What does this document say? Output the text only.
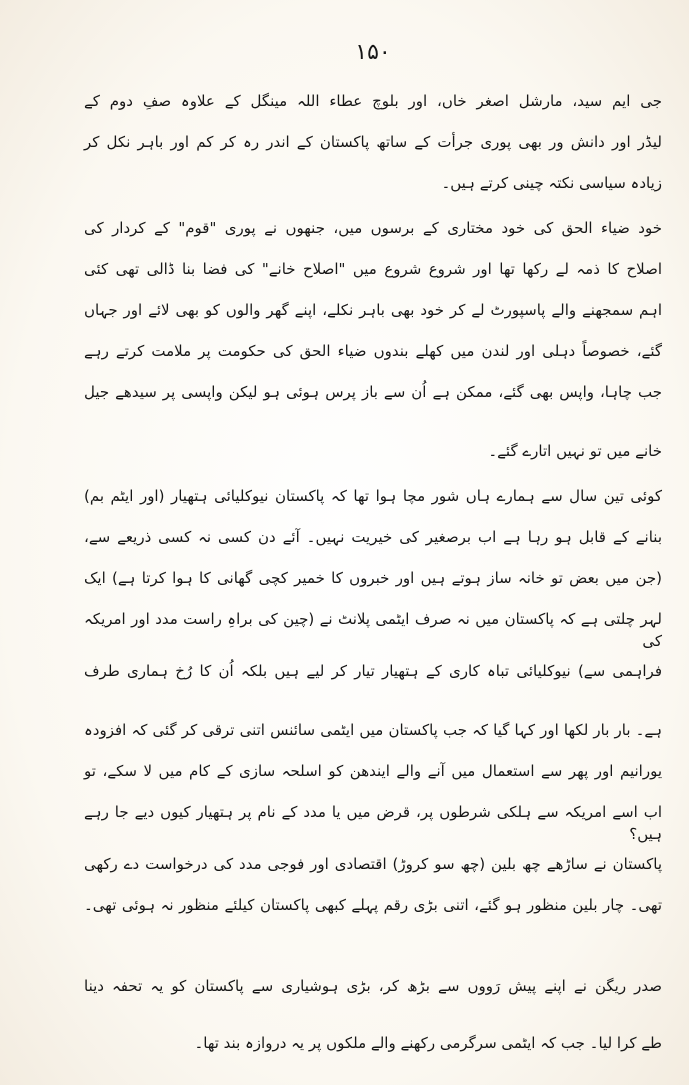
۱۵۰
جی ایم سید، مارشل اصغر خاں، اور بلوچ عطاء اللہ مینگل کے علاوہ صفِ دوم کے
لیڈر اور دانش ور بھی پوری جرأت کے ساتھ پاکستان کے اندر رہ کر کم اور باہر نکل کر
زیادہ سیاسی نکتہ چینی کرتے ہیں۔
خود ضیاء الحق کی خود مختاری کے برسوں میں، جنھوں نے پوری "قوم" کے کردار کی
اصلاح کا ذمہ لے رکھا تھا اور شروع شروع میں "اصلاح خانے" کی فضا بنا ڈالی تھی کئی
اہم سمجھنے والے پاسپورٹ لے کر خود بھی باہر نکلے، اپنے گھر والوں کو بھی لائے اور جہاں
گئے، خصوصاً دہلی اور لندن میں کھلے بندوں ضیاء الحق کی حکومت پر ملامت کرتے رہے
جب چاہا، واپس بھی گئے، ممکن ہے اُن سے باز پرس ہوئی ہو لیکن واپسی پر سیدھے جیل
خانے میں تو نہیں اتارے گئے۔
کوئی تین سال سے ہمارے ہاں شور مچا ہوا تھا کہ پاکستان نیوکلیائی ہتھیار (اور ایٹم بم)
بنانے کے قابل ہو رہا ہے اب برصغیر کی خیریت نہیں۔ آئے دن کسی نہ کسی ذریعے سے،
(جن میں بعض تو خانہ ساز ہوتے ہیں اور خبروں کا خمیر کچی گھانی کا ہوا کرتا ہے) ایک
لہر چلتی ہے کہ پاکستان میں نہ صرف ایٹمی پلانٹ نے (چین کی براہِ راست مدد اور امریکہ کی
فراہمی سے) نیوکلیائی تباہ کاری کے ہتھیار تیار کر لیے ہیں بلکہ اُن کا رُخ ہماری طرف
ہے۔ بار بار لکھا اور کہا گیا کہ جب پاکستان میں ایٹمی سائنس اتنی ترقی کر گئی کہ افزودہ
یورانیم اور پھر سے استعمال میں آنے والے ایندھن کو اسلحہ سازی کے کام میں لا سکے، تو
اب اسے امریکہ سے ہلکی شرطوں پر، قرض میں یا مدد کے نام پر ہتھیار کیوں دیے جا رہے ہیں؟
پاکستان نے ساڑھے چھ بلین (چھ سو کروڑ) اقتصادی اور فوجی مدد کی درخواست دے رکھی
تھی۔ چار بلین منظور ہو گئے، اتنی بڑی رقم پہلے کبھی پاکستان کیلئے منظور نہ ہوئی تھی۔
صدر ریگن نے اپنے پیش رَووں سے بڑھ کر، بڑی ہوشیاری سے پاکستان کو یہ تحفہ دینا
طے کرا لیا۔ جب کہ ایٹمی سرگرمی رکھنے والے ملکوں پر یہ دروازہ بند تھا۔
